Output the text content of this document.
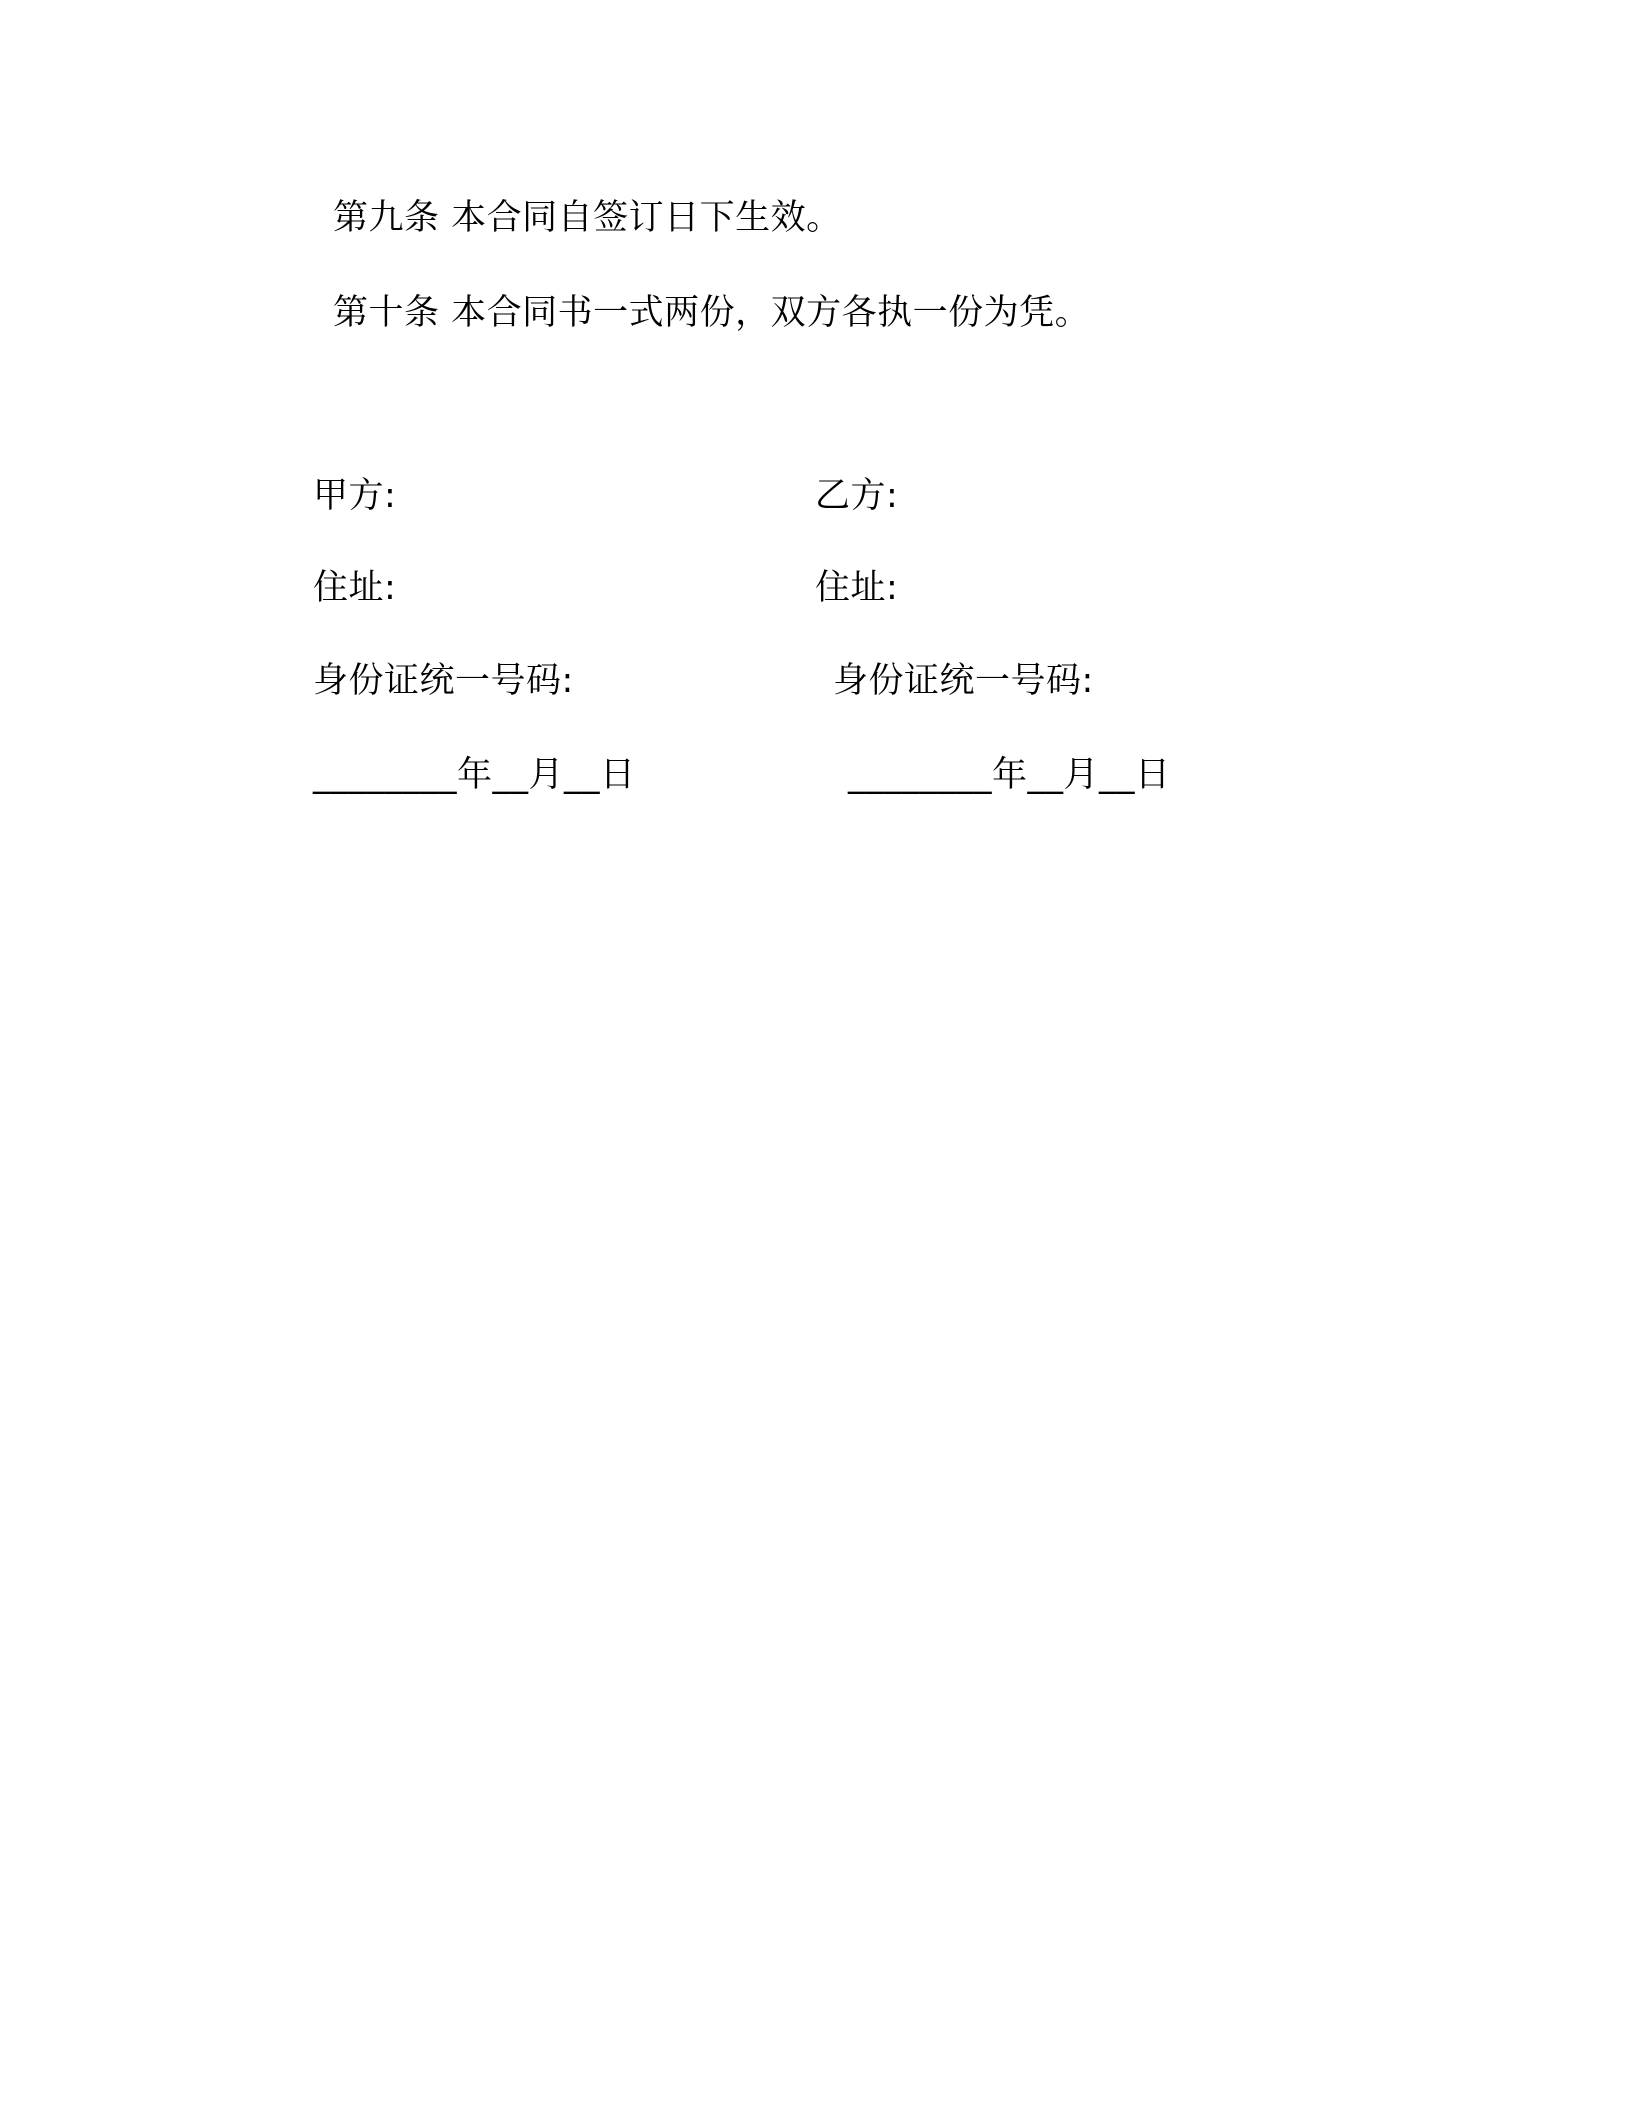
第九条 本合同自签订日下生效。
第十条 本合同书一式两份，双方各执一份为凭。
甲方:
住址:
身份证统一号码:
________年__月__日
乙方:
住址:
身份证统一号码:
________年__月__日
